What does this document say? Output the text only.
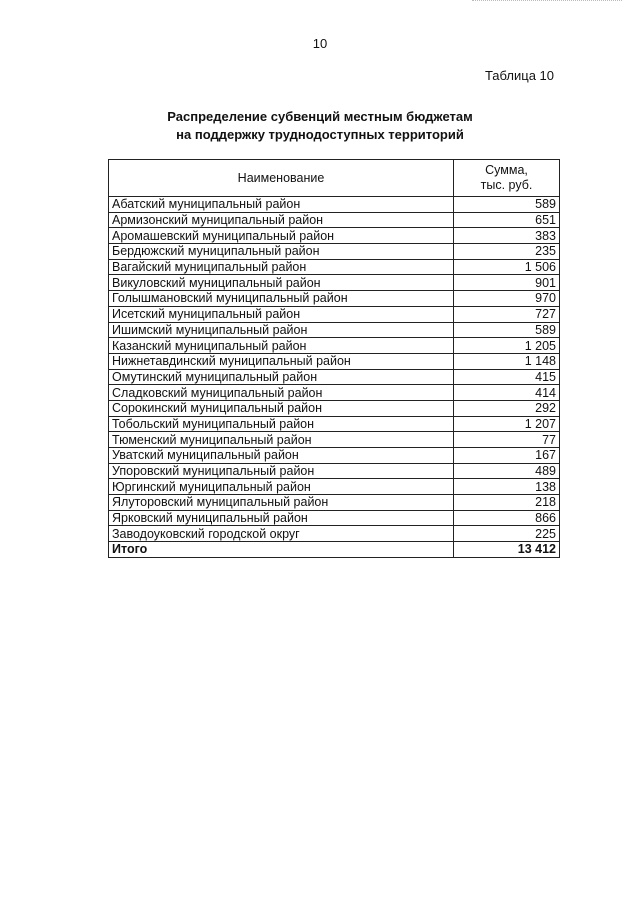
10
Таблица 10
Распределение субвенций местным бюджетам
на поддержку труднодоступных территорий
Наименование	Сумма,
тыс. руб.

Абатский муниципальный район	589
Армизонский муниципальный район	651
Аромашевский муниципальный район	383
Бердюжский муниципальный район	235
Вагайский муниципальный район	1 506
Викуловский муниципальный район	901
Голышмановский муниципальный район	970
Исетский муниципальный район	727
Ишимский муниципальный район	589
Казанский муниципальный район	1 205
Нижнетавдинский муниципальный район	1 148
Омутинский муниципальный район	415
Сладковский муниципальный район	414
Сорокинский муниципальный район	292
Тобольский муниципальный район	1 207
Тюменский муниципальный район	77
Уватский муниципальный район	167
Упоровский муниципальный район	489
Юргинский муниципальный район	138
Ялуторовский муниципальный район	218
Ярковский муниципальный район	866
Заводоуковский городской округ	225
Итого	13 412
